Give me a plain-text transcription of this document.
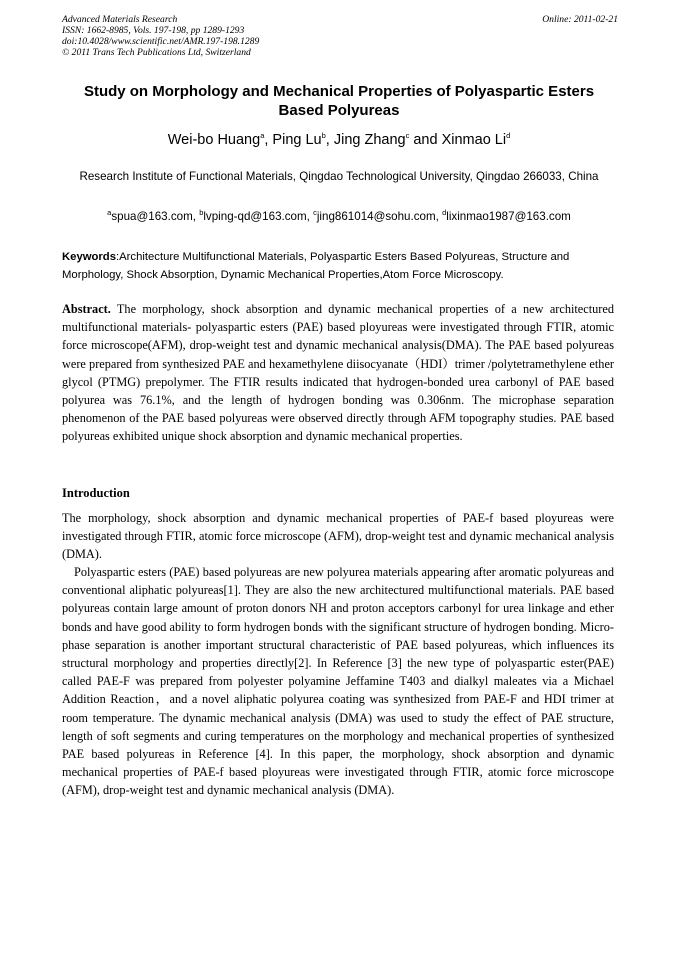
Advanced Materials Research
ISSN: 1662-8985, Vols. 197-198, pp 1289-1293
doi:10.4028/www.scientific.net/AMR.197-198.1289
© 2011 Trans Tech Publications Ltd, Switzerland
Online: 2011-02-21
Study on Morphology and Mechanical Properties of Polyaspartic Esters Based Polyureas
Wei-bo Huang$^a$, Ping Lu$^b$, Jing Zhang$^c$ and Xinmao Li$^d$
Research Institute of Functional Materials, Qingdao Technological University, Qingdao 266033, China
$^a$spua@163.com, $^b$lvping-qd@163.com, $^c$jing861014@sohu.com, $^d$lixinmao1987@163.com
Keywords:Architecture Multifunctional Materials, Polyaspartic Esters Based Polyureas, Structure and Morphology, Shock Absorption, Dynamic Mechanical Properties,Atom Force Microscopy.
Abstract. The morphology, shock absorption and dynamic mechanical properties of a new architectured multifunctional materials- polyaspartic esters (PAE) based ployureas were investigated through FTIR, atomic force microscope(AFM), drop-weight test and dynamic mechanical analysis(DMA). The PAE based polyureas were prepared from synthesized PAE and hexamethylene diisocyanate（HDI）trimer /polytetramethylene ether glycol (PTMG) prepolymer. The FTIR results indicated that hydrogen-bonded urea carbonyl of PAE based polyurea was 76.1%, and the length of hydrogen bonding was 0.306nm. The microphase separation phenomenon of the PAE based polyureas were observed directly through AFM topography studies. PAE based polyureas exhibited unique shock absorption and dynamic mechanical properties.
Introduction
The morphology, shock absorption and dynamic mechanical properties of PAE-f based ployureas were investigated through FTIR, atomic force microscope (AFM), drop-weight test and dynamic mechanical analysis (DMA).
Polyaspartic esters (PAE) based polyureas are new polyurea materials appearing after aromatic polyureas and conventional aliphatic polyureas[1]. They are also the new architectured multifunctional materials. PAE based polyureas contain large amount of proton donors NH and proton acceptors carbonyl for urea linkage and ether bonds and have good ability to form hydrogen bonds with the significant structure of hydrogen bonding. Micro-phase separation is another important structural characteristic of PAE based polyureas, which influences its structural morphology and properties directly[2]. In Reference [3] the new type of polyaspartic ester(PAE) called PAE-F was prepared from polyester polyamine Jeffamine T403 and dialkyl maleates via a Michael Addition Reaction，and a novel aliphatic polyurea coating was synthesized from PAE-F and HDI trimer at room temperature. The dynamic mechanical analysis (DMA) was used to study the effect of PAE structure, length of soft segments and curing temperatures on the morphology and mechanical properties of synthesized PAE based polyureas in Reference [4]. In this paper, the morphology, shock absorption and dynamic mechanical properties of PAE-f based ployureas were investigated through FTIR, atomic force microscope (AFM), drop-weight test and dynamic mechanical analysis (DMA).
